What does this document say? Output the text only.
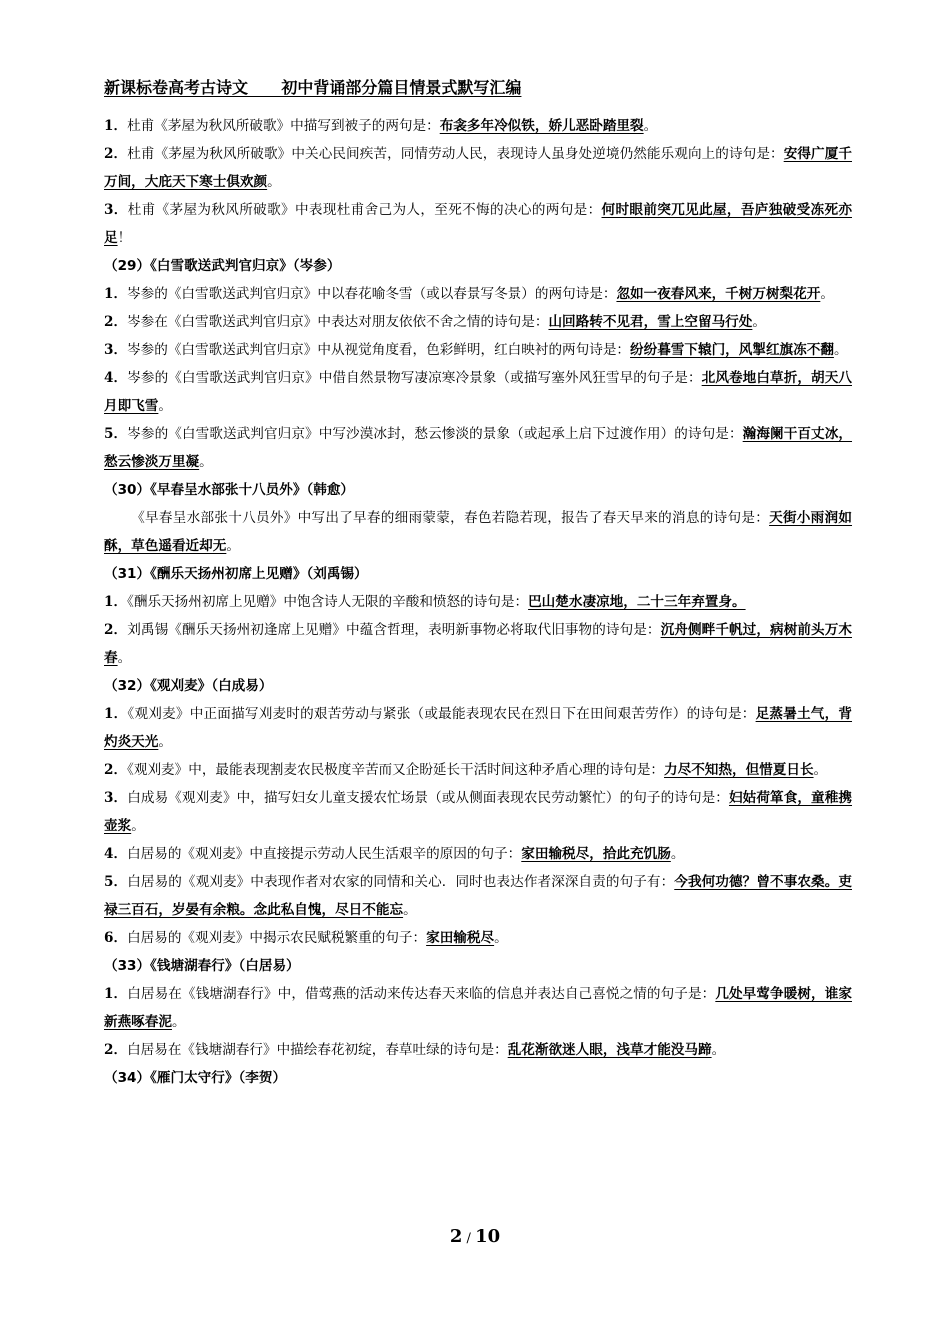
新课标卷高考古诗文      初中背诵部分篇目情景式默写汇编
1．杜甫《茅屋为秋风所破歌》中描写到被子的两句是：布衾多年冷似铁，娇儿恶卧踏里裂。
2．杜甫《茅屋为秋风所破歌》中关心民间疾苦，同情劳动人民，表现诗人虽身处逆境仍然能乐观向上的诗句是：安得广厦千万间，大庇天下寒士俱欢颜。
3．杜甫《茅屋为秋风所破歌》中表现杜甫舍己为人，至死不悔的决心的两句是：何时眼前突兀见此屋，吾庐独破受冻死亦足！
（29）《白雪歌送武判官归京》（岑参）
1．岑参的《白雪歌送武判官归京》中以春花喻冬雪（或以春景写冬景）的两句诗是：忽如一夜春风来，千树万树梨花开。
2．岑参在《白雪歌送武判官归京》中表达对朋友依依不舍之情的诗句是：山回路转不见君，雪上空留马行处。
3．岑参的《白雪歌送武判官归京》中从视觉角度看，色彩鲜明，红白映衬的两句诗是：纷纷暮雪下辕门，风掣红旗冻不翻。
4．岑参的《白雪歌送武判官归京》中借自然景物写凄凉寒冷景象（或描写塞外风狂雪早的句子是：北风卷地白草折，胡天八月即飞雪。
5．岑参的《白雪歌送武判官归京》中写沙漠冰封，愁云惨淡的景象（或起承上启下过渡作用）的诗句是：瀚海阑干百丈冰，愁云惨淡万里凝。
（30）《早春呈水部张十八员外》（韩愈）
《早春呈水部张十八员外》中写出了早春的细雨蒙蒙，春色若隐若现，报告了春天早来的消息的诗句是：天街小雨润如酥，草色遥看近却无。
（31）《酬乐天扬州初席上见赠》（刘禹锡）
1．《酬乐天扬州初席上见赠》中饱含诗人无限的辛酸和愤怒的诗句是：巴山楚水凄凉地，二十三年弃置身。
2．刘禹锡《酬乐天扬州初逢席上见赠》中蕴含哲理，表明新事物必将取代旧事物的诗句是：沉舟侧畔千帆过，病树前头万木春。
（32）《观刈麦》（白成易）
1．《观刈麦》中正面描写刈麦时的艰苦劳动与紧张（或最能表现农民在烈日下在田间艰苦劳作）的诗句是：足蒸暑土气，背灼炎天光。
2．《观刈麦》中，最能表现割麦农民极度辛苦而又企盼延长干活时间这种矛盾心理的诗句是：力尽不知热，但惜夏日长。
3．白成易《观刈麦》中，描写妇女儿童支援农忙场景（或从侧面表现农民劳动繁忙）的句子的诗句是：妇姑荷箪食，童稚携壶浆。
4．白居易的《观刈麦》中直接提示劳动人民生活艰辛的原因的句子：家田输税尽，拾此充饥肠。
5．白居易的《观刈麦》中表现作者对农家的同情和关心．同时也表达作者深深自责的句子有：今我何功德？曾不事农桑。吏禄三百石，岁晏有余粮。念此私自愧，尽日不能忘。
6．白居易的《观刈麦》中揭示农民赋税繁重的句子：家田输税尽。
（33）《钱塘湖春行》（白居易）
1．白居易在《钱塘湖春行》中，借莺燕的活动来传达春天来临的信息并表达自己喜悦之情的句子是：几处早莺争暖树，谁家新燕啄春泥。
2．白居易在《钱塘湖春行》中描绘春花初绽，春草吐绿的诗句是：乱花渐欲迷人眼，浅草才能没马蹄。
（34）《雁门太守行》（李贺）
2 / 10
